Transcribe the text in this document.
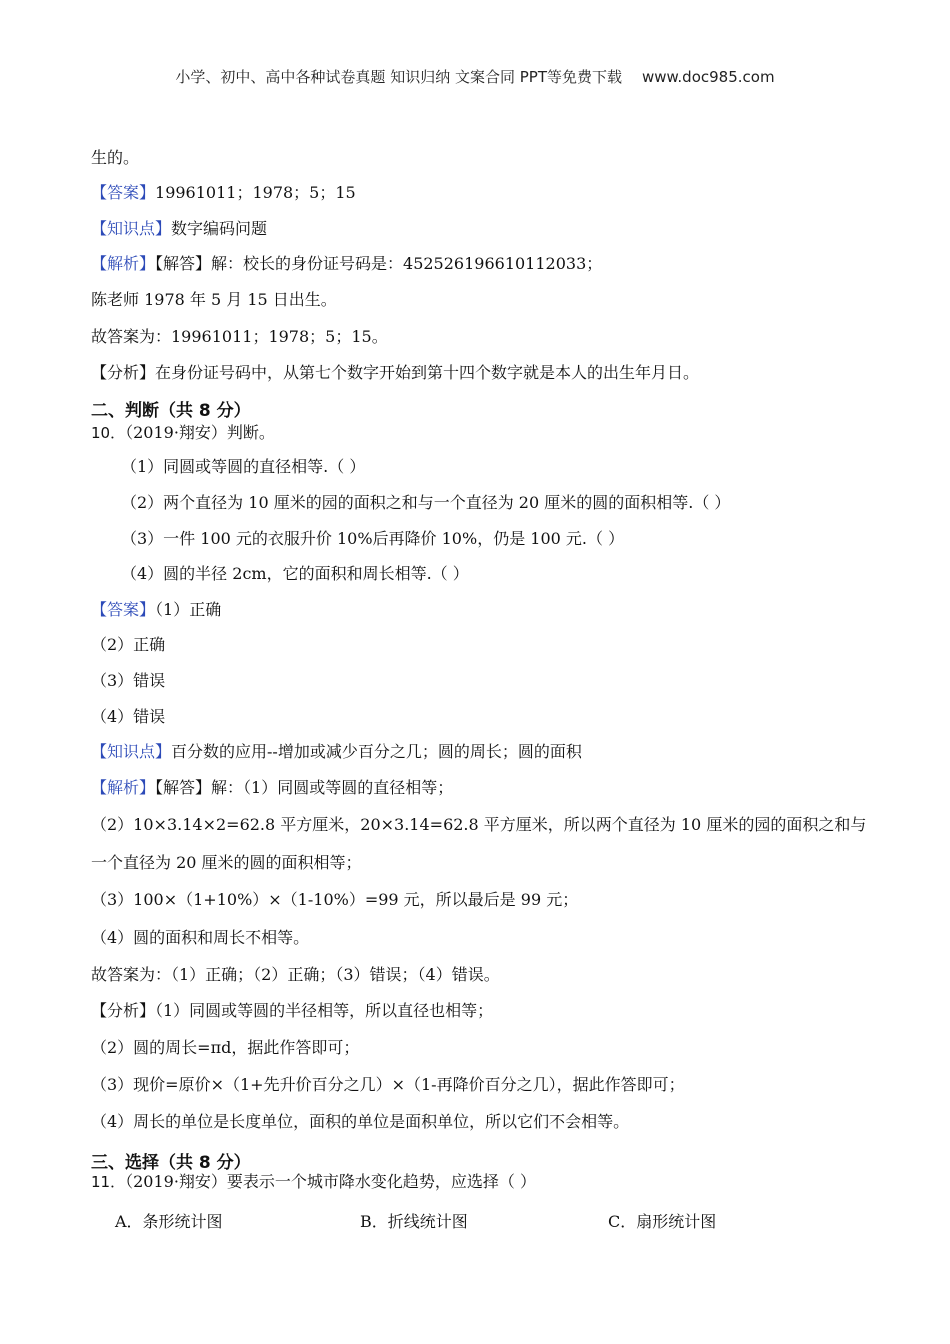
小学、初中、高中各种试卷真题 知识归纳 文案合同 PPT等免费下载 www.doc985.com
生的。
【答案】19961011；1978；5；15
【知识点】数字编码问题
【解析】【解答】解：校长的身份证号码是：452526196610112033；
陈老师 1978 年 5 月 15 日出生。
故答案为：19961011；1978；5；15。
【分析】在身份证号码中，从第七个数字开始到第十四个数字就是本人的出生年月日。
二、判断（共 8 分）
10．（2019·翔安）判断。
（1）同圆或等圆的直径相等.（ ）
（2）两个直径为 10 厘米的园的面积之和与一个直径为 20 厘米的圆的面积相等.（ ）
（3）一件 100 元的衣服升价 10%后再降价 10%，仍是 100 元.（ ）
（4）圆的半径 2cm，它的面积和周长相等.（ ）
【答案】（1）正确
（2）正确
（3）错误
（4）错误
【知识点】百分数的应用--增加或减少百分之几；圆的周长；圆的面积
【解析】【解答】解：（1）同圆或等圆的直径相等；
（2）10×3.14×2=62.8 平方厘米，20×3.14=62.8 平方厘米，所以两个直径为 10 厘米的园的面积之和与
一个直径为 20 厘米的圆的面积相等；
（3）100×（1+10%）×（1-10%）=99 元，所以最后是 99 元；
（4）圆的面积和周长不相等。
故答案为：（1）正确；（2）正确；（3）错误；（4）错误。
【分析】（1）同圆或等圆的半径相等，所以直径也相等；
（2）圆的周长=πd，据此作答即可；
（3）现价=原价×（1+先升价百分之几）×（1-再降价百分之几），据此作答即可；
（4）周长的单位是长度单位，面积的单位是面积单位，所以它们不会相等。
三、选择（共 8 分）
11．（2019·翔安）要表示一个城市降水变化趋势，应选择（ ）
A．条形统计图	B．折线统计图	C．扇形统计图
